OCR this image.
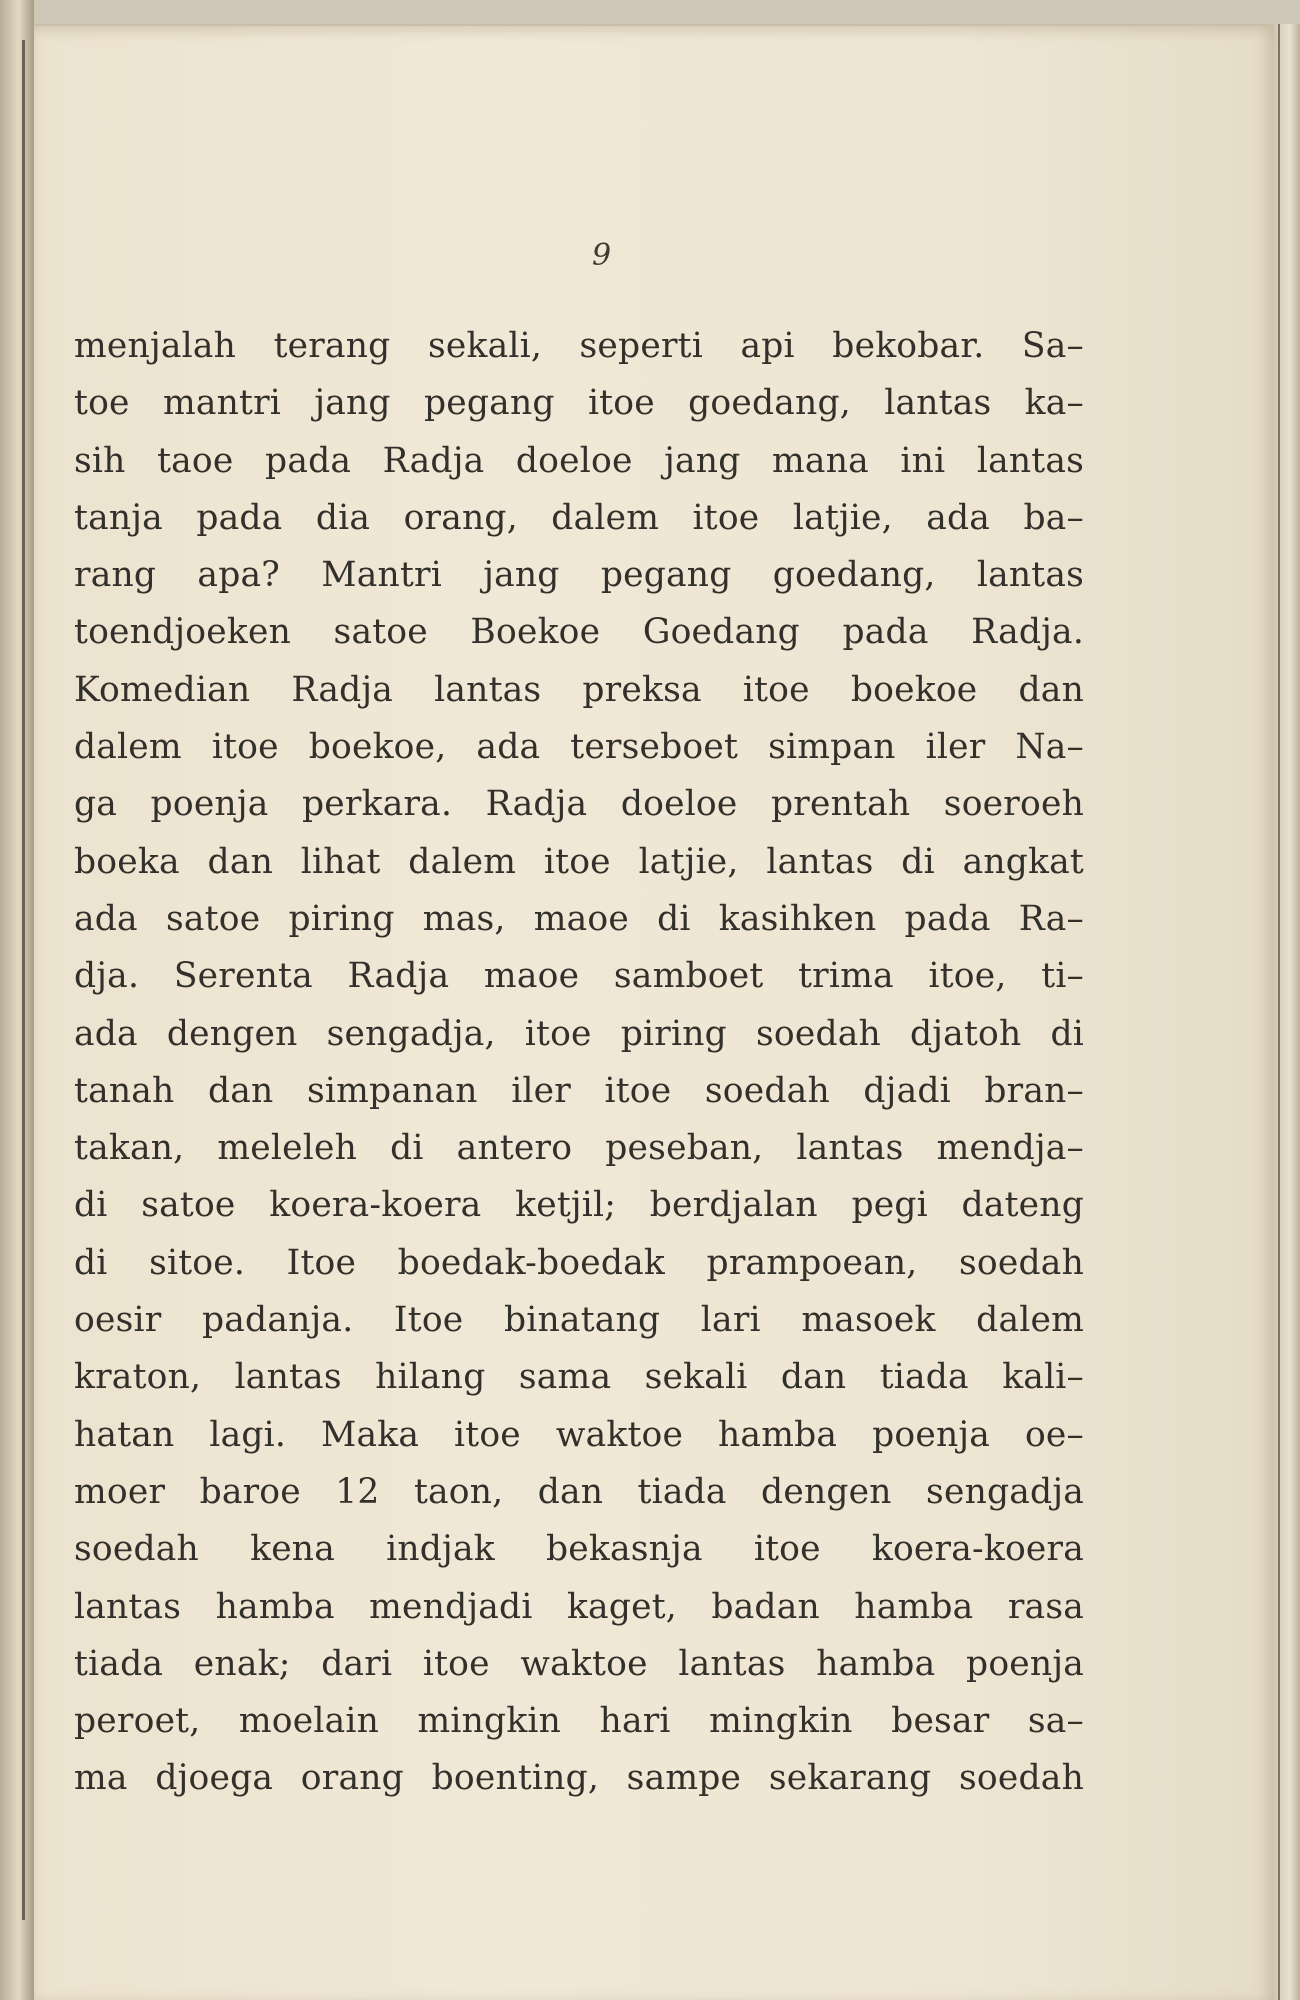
9
menjalah terang sekali, seperti api bekobar. Sa–
toe mantri jang pegang itoe goedang, lantas ka–
sih taoe pada Radja doeloe jang mana ini lantas
tanja pada dia orang, dalem itoe latjie, ada ba–
rang apa? Mantri jang pegang goedang, lantas
toendjoeken satoe Boekoe Goedang pada Radja.
Komedian Radja lantas preksa itoe boekoe dan
dalem itoe boekoe, ada terseboet simpan iler Na–
ga poenja perkara. Radja doeloe prentah soeroeh
boeka dan lihat dalem itoe latjie, lantas di angkat
ada satoe piring mas, maoe di kasihken pada Ra–
dja. Serenta Radja maoe samboet trima itoe, ti–
ada dengen sengadja, itoe piring soedah djatoh di
tanah dan simpanan iler itoe soedah djadi bran–
takan, meleleh di antero peseban, lantas mendja–
di satoe koera-koera ketjil; berdjalan pegi dateng
di sitoe. Itoe boedak-boedak prampoean, soedah
oesir padanja. Itoe binatang lari masoek dalem
kraton, lantas hilang sama sekali dan tiada kali–
hatan lagi. Maka itoe waktoe hamba poenja oe–
moer baroe 12 taon, dan tiada dengen sengadja
soedah kena indjak bekasnja itoe koera-koera
lantas hamba mendjadi kaget, badan hamba rasa
tiada enak; dari itoe waktoe lantas hamba poenja
peroet, moelain mingkin hari mingkin besar sa–
ma djoega orang boenting, sampe sekarang soedah
